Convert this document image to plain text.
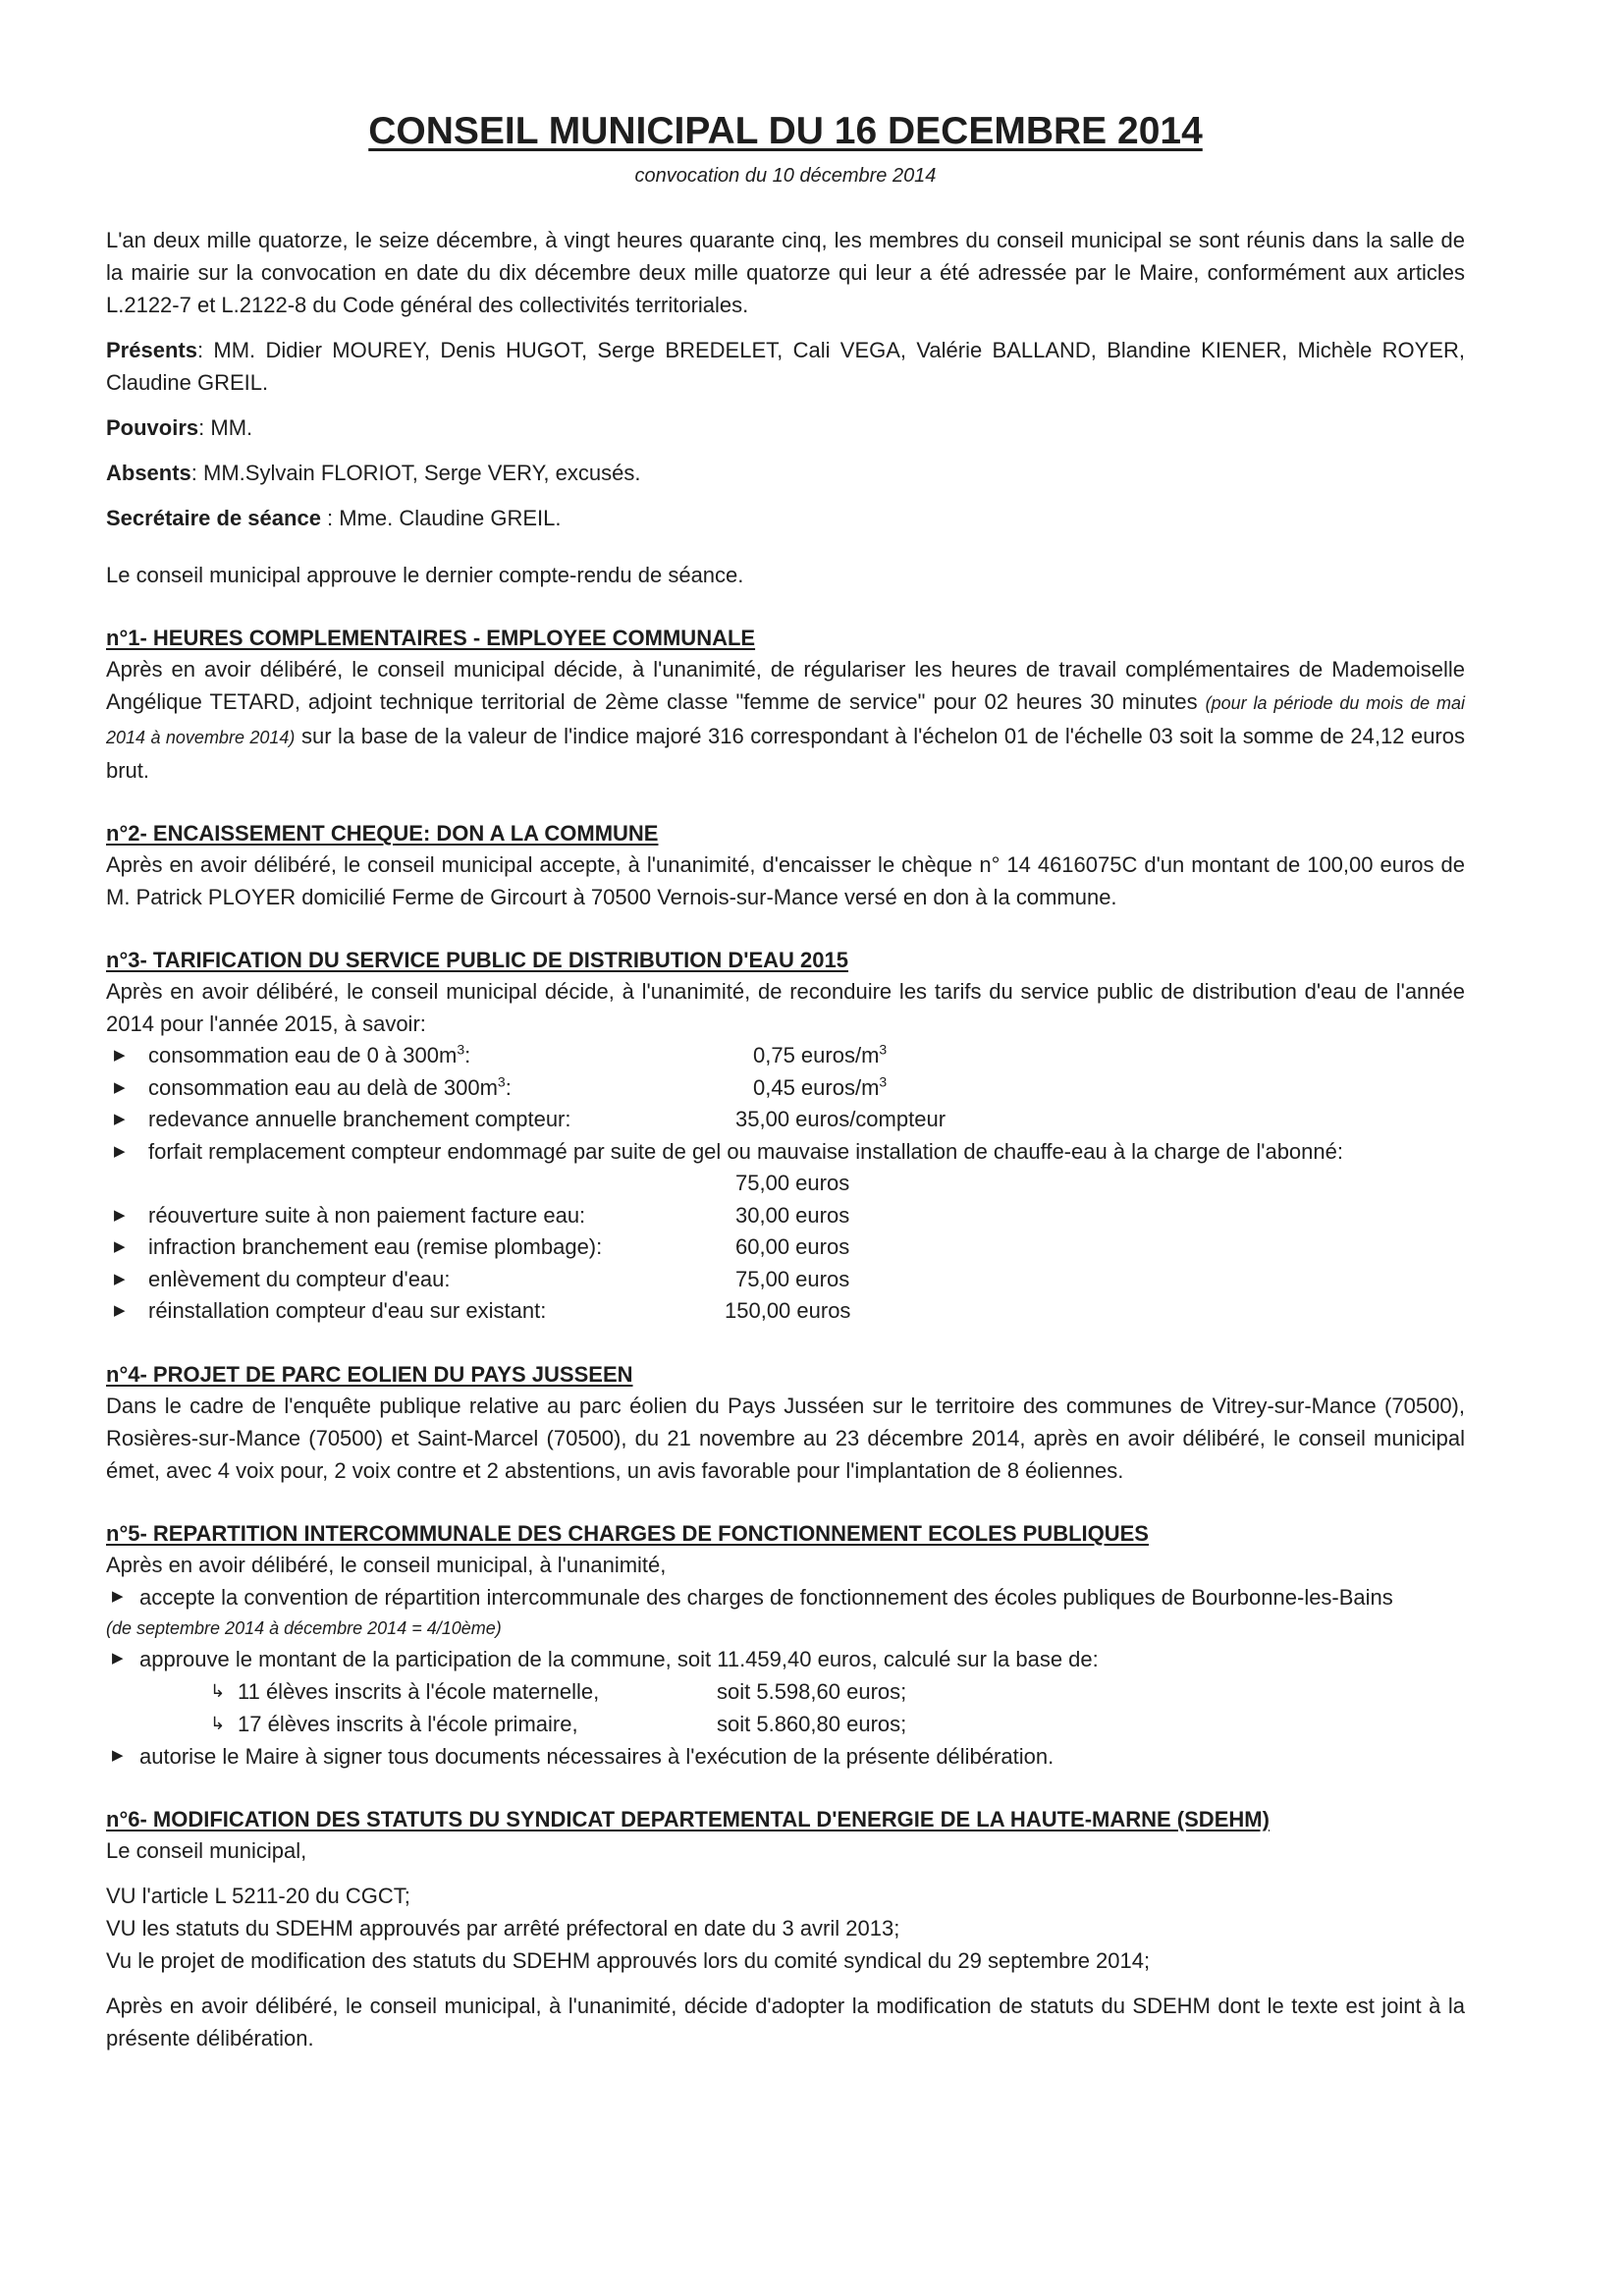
CONSEIL MUNICIPAL DU 16 DECEMBRE 2014
convocation du 10 décembre 2014

L'an deux mille quatorze, le seize décembre, à vingt heures quarante cinq, les membres du conseil municipal se sont réunis dans la salle de la mairie sur la convocation en date du dix décembre deux mille quatorze qui leur a été adressée par le Maire, conformément aux articles L.2122-7 et L.2122-8 du Code général des collectivités territoriales.

Présents: MM. Didier MOUREY, Denis HUGOT, Serge BREDELET, Cali VEGA, Valérie BALLAND, Blandine KIENER, Michèle ROYER, Claudine GREIL.

Pouvoirs: MM.

Absents: MM.Sylvain FLORIOT, Serge VERY, excusés.

Secrétaire de séance : Mme. Claudine GREIL.

Le conseil municipal approuve le dernier compte-rendu de séance.

n°1- HEURES COMPLEMENTAIRES - EMPLOYEE COMMUNALE

Après en avoir délibéré, le conseil municipal décide, à l'unanimité, de régulariser les heures de travail complémentaires de Mademoiselle Angélique TETARD, adjoint technique territorial de 2ème classe "femme de service" pour 02 heures 30 minutes (pour la période du mois de mai 2014 à novembre 2014) sur la base de la valeur de l'indice majoré 316 correspondant à l'échelon 01 de l'échelle 03 soit la somme de 24,12 euros brut.

n°2- ENCAISSEMENT CHEQUE: DON A LA COMMUNE

Après en avoir délibéré, le conseil municipal accepte, à l'unanimité, d'encaisser le chèque n° 14 4616075C d'un montant de 100,00 euros de M. Patrick PLOYER domicilié Ferme de Gircourt à 70500 Vernois-sur-Mance versé en don à la commune.

n°3- TARIFICATION DU SERVICE PUBLIC DE DISTRIBUTION D'EAU 2015

Après en avoir délibéré, le conseil municipal décide, à l'unanimité, de reconduire les tarifs du service public de distribution d'eau de l'année 2014 pour l'année 2015, à savoir:

▶	consommation eau de 0 à $300m^3$:	0,75 euros/$m^3$
▶	consommation eau au delà de $300m^3$:	0,45 euros/$m^3$
▶	redevance annuelle branchement compteur:	35,00 euros/compteur
▶	forfait remplacement compteur endommagé par suite de gel ou mauvaise installation de chauffe-eau à la charge de l'abonné:
75,00 euros
▶	réouverture suite à non paiement facture eau:	30,00 euros
▶	infraction branchement eau (remise plombage):	60,00 euros
▶	enlèvement du compteur d'eau:	75,00 euros
▶	réinstallation compteur d'eau sur existant:	150,00 euros
n°4- PROJET DE PARC EOLIEN DU PAYS JUSSEEN

Dans le cadre de l'enquête publique relative au parc éolien du Pays Jusséen sur le territoire des communes de Vitrey-sur-Mance (70500), Rosières-sur-Mance (70500) et Saint-Marcel (70500), du 21 novembre au 23 décembre 2014, après en avoir délibéré, le conseil municipal émet, avec 4 voix pour, 2 voix contre et 2 abstentions, un avis favorable pour l'implantation de 8 éoliennes.

n°5- REPARTITION INTERCOMMUNALE DES CHARGES DE FONCTIONNEMENT ECOLES PUBLIQUES

Après en avoir délibéré, le conseil municipal, à l'unanimité,

▶ accepte la convention de répartition intercommunale des charges de fonctionnement des écoles publiques de Bourbonne-les-Bains

(de septembre 2014 à décembre 2014 = 4/10ème)

▶ approuve le montant de la participation de la commune, soit 11.459,40 euros, calculé sur la base de:
↳ 11 élèves inscrits à l'école maternelle,	soit 5.598,60 euros;
↳ 17 élèves inscrits à l'école primaire,	soit 5.860,80 euros;
▶ autorise le Maire à signer tous documents nécessaires à l'exécution de la présente délibération.
n°6- MODIFICATION DES STATUTS DU SYNDICAT DEPARTEMENTAL D'ENERGIE DE LA HAUTE-MARNE (SDEHM)

Le conseil municipal,

VU l'article L 5211-20 du CGCT;

VU les statuts du SDEHM approuvés par arrêté préfectoral en date du 3 avril 2013;

Vu le projet de modification des statuts du SDEHM approuvés lors du comité syndical du 29 septembre 2014;

Après en avoir délibéré, le conseil municipal, à l'unanimité, décide d'adopter la modification de statuts du SDEHM dont le texte est joint à la présente délibération.
